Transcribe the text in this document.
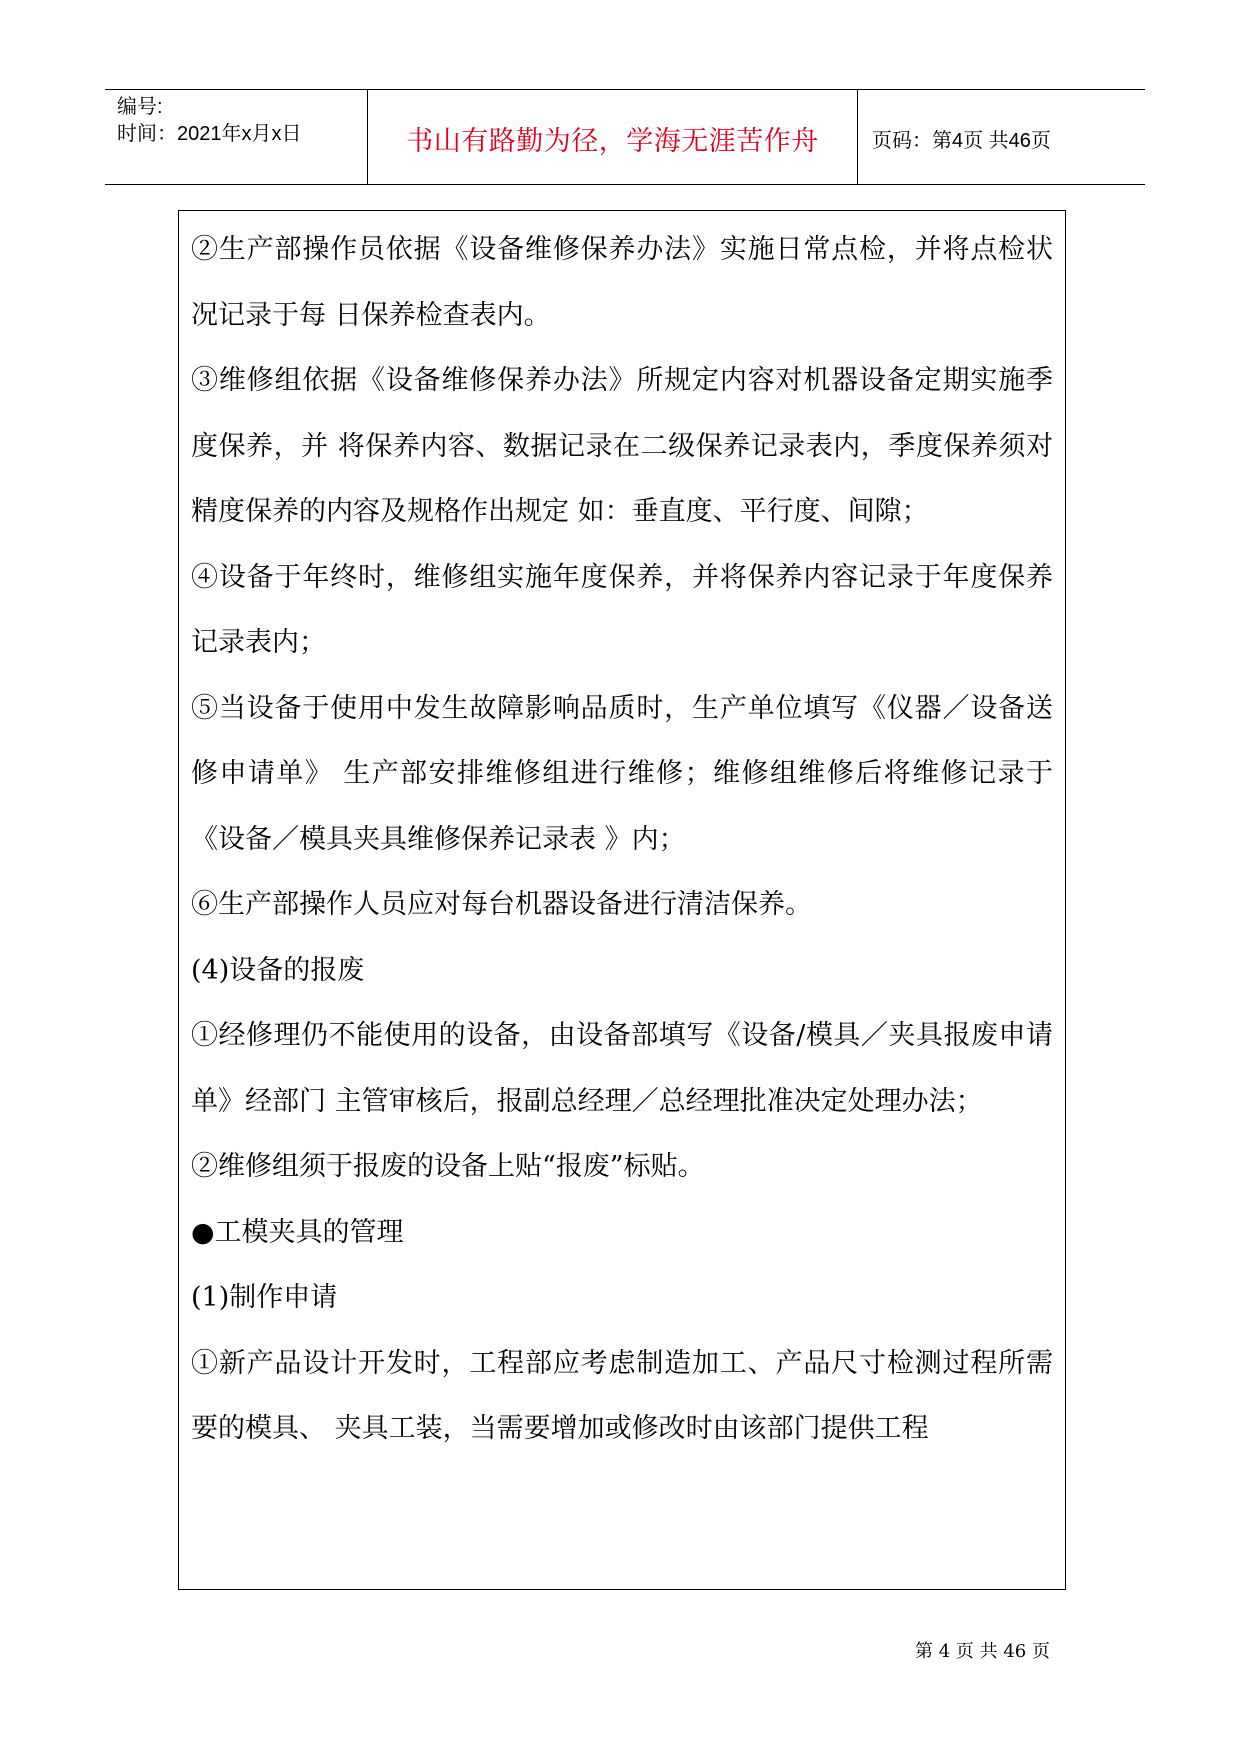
编号:
时间：2021年x月x日	书山有路勤为径，学海无涯苦作舟	页码：第4页 共46页

②生产部操作员依据《设备维修保养办法》实施日常点检，并将点检状况记录于每 日保养检查表内。

③维修组依据《设备维修保养办法》所规定内容对机器设备定期实施季度保养，并 将保养内容、数据记录在二级保养记录表内，季度保养须对精度保养的内容及规格作出规定 如：垂直度、平行度、间隙；

④设备于年终时，维修组实施年度保养，并将保养内容记录于年度保养记录表内；

⑤当设备于使用中发生故障影响品质时，生产单位填写《仪器／设备送修申请单》 生产部安排维修组进行维修；维修组维修后将维修记录于《设备／模具夹具维修保养记录表 》内；

⑥生产部操作人员应对每台机器设备进行清洁保养。

(4)设备的报废

①经修理仍不能使用的设备，由设备部填写《设备/模具／夹具报废申请单》经部门 主管审核后，报副总经理／总经理批准决定处理办法；

②维修组须于报废的设备上贴“报废”标贴。

●工模夹具的管理

(1)制作申请

①新产品设计开发时，工程部应考虑制造加工、产品尺寸检测过程所需要的模具、 夹具工装，当需要增加或修改时由该部门提供工程

第 4 页 共 46 页
